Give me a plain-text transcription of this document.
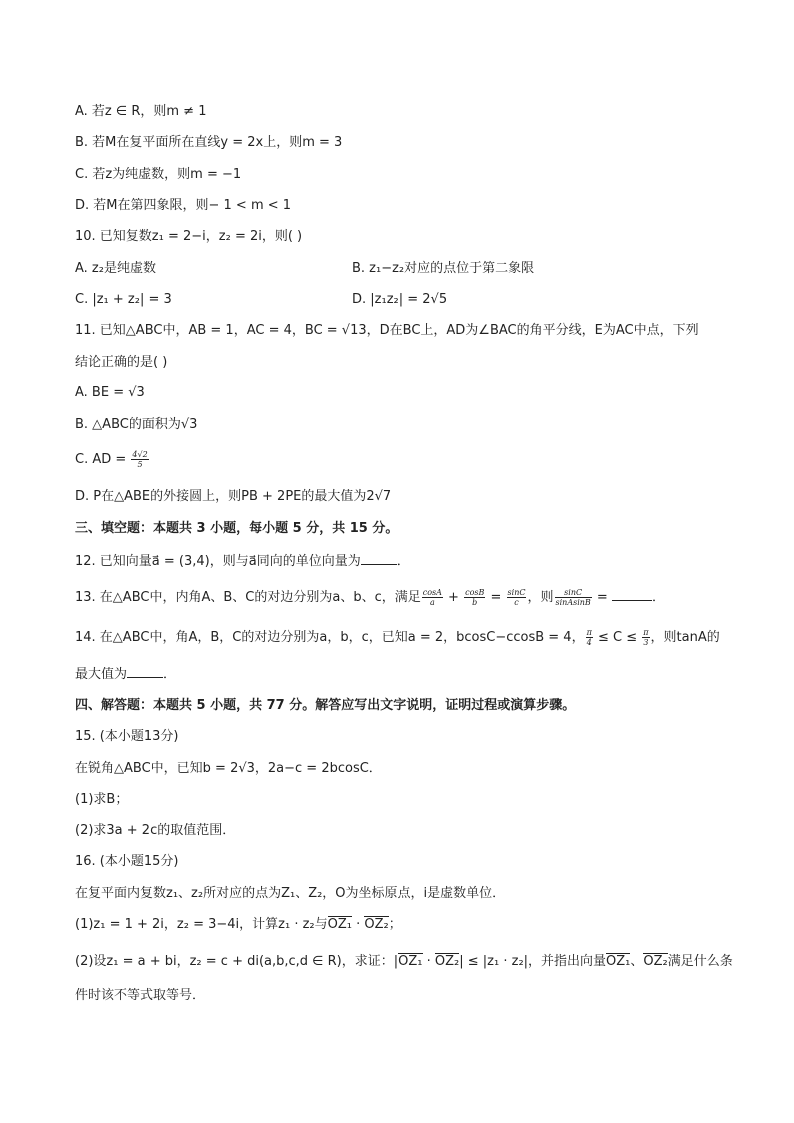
A. 若z ∈ R，则m ≠ 1
B. 若M在复平面所在直线y = 2x上，则m = 3
C. 若z为纯虚数，则m = −1
D. 若M在第四象限，则− 1 < m < 1
10. 已知复数z₁ = 2−i，z₂ = 2i，则( )
A. z₂是纯虚数	B. z₁−z₂对应的点位于第二象限
C. |z₁ + z₂| = 3	D. |z₁z₂| = 2√5
11. 已知△ABC中，AB = 1，AC = 4，BC = √13，D在BC上，AD为∠BAC的角平分线，E为AC中点，下列
结论正确的是( )
A. BE = √3
B. △ABC的面积为√3
C. AD = $\frac{4√2}{5}$
D. P在△ABE的外接圆上，则PB + 2PE的最大值为2√7
三、填空题：本题共 3 小题，每小题 5 分，共 15 分。
12. 已知向量a⃗ = (3,4)，则与a⃗同向的单位向量为	．
13. 在△ABC中，内角A、B、C的对边分别为a、b、c，满足 $\frac{\cos A}{a} + \frac{\cos B}{b} = \frac{\sin C}{c}$ ，则 $\frac{\sin C}{\text{sinAsinB}}$ =	．
14. 在△ABC中，角A，B，C的对边分别为a，b，c，已知a = 2，bcosC−ccosB = 4， $\frac{\pi}{4} \le C \le \frac{\pi}{3}$ ，则tanA的
最大值为	．
四、解答题：本题共 5 小题，共 77 分。解答应写出文字说明，证明过程或演算步骤。
15. (本小题13分)
在锐角△ABC中，已知b = 2√3，2a−c = 2bcosC．
(1)求B；
(2)求3a + 2c的取值范围．
16. (本小题15分)
在复平面内复数z₁、z₂所对应的点为Z₁、Z₂，O为坐标原点，i是虚数单位．
(1)z₁ = 1 + 2i，z₂ = 3−4i，计算z₁ · z₂与OZ₁ · OZ₂；
(2)设z₁ = a + bi，z₂ = c + di(a,b,c,d ∈ R)，求证：|OZ₁ · OZ₂| ≤ |z₁ · z₂|，并指出向量OZ₁、OZ₂满足什么条
件时该不等式取等号．
